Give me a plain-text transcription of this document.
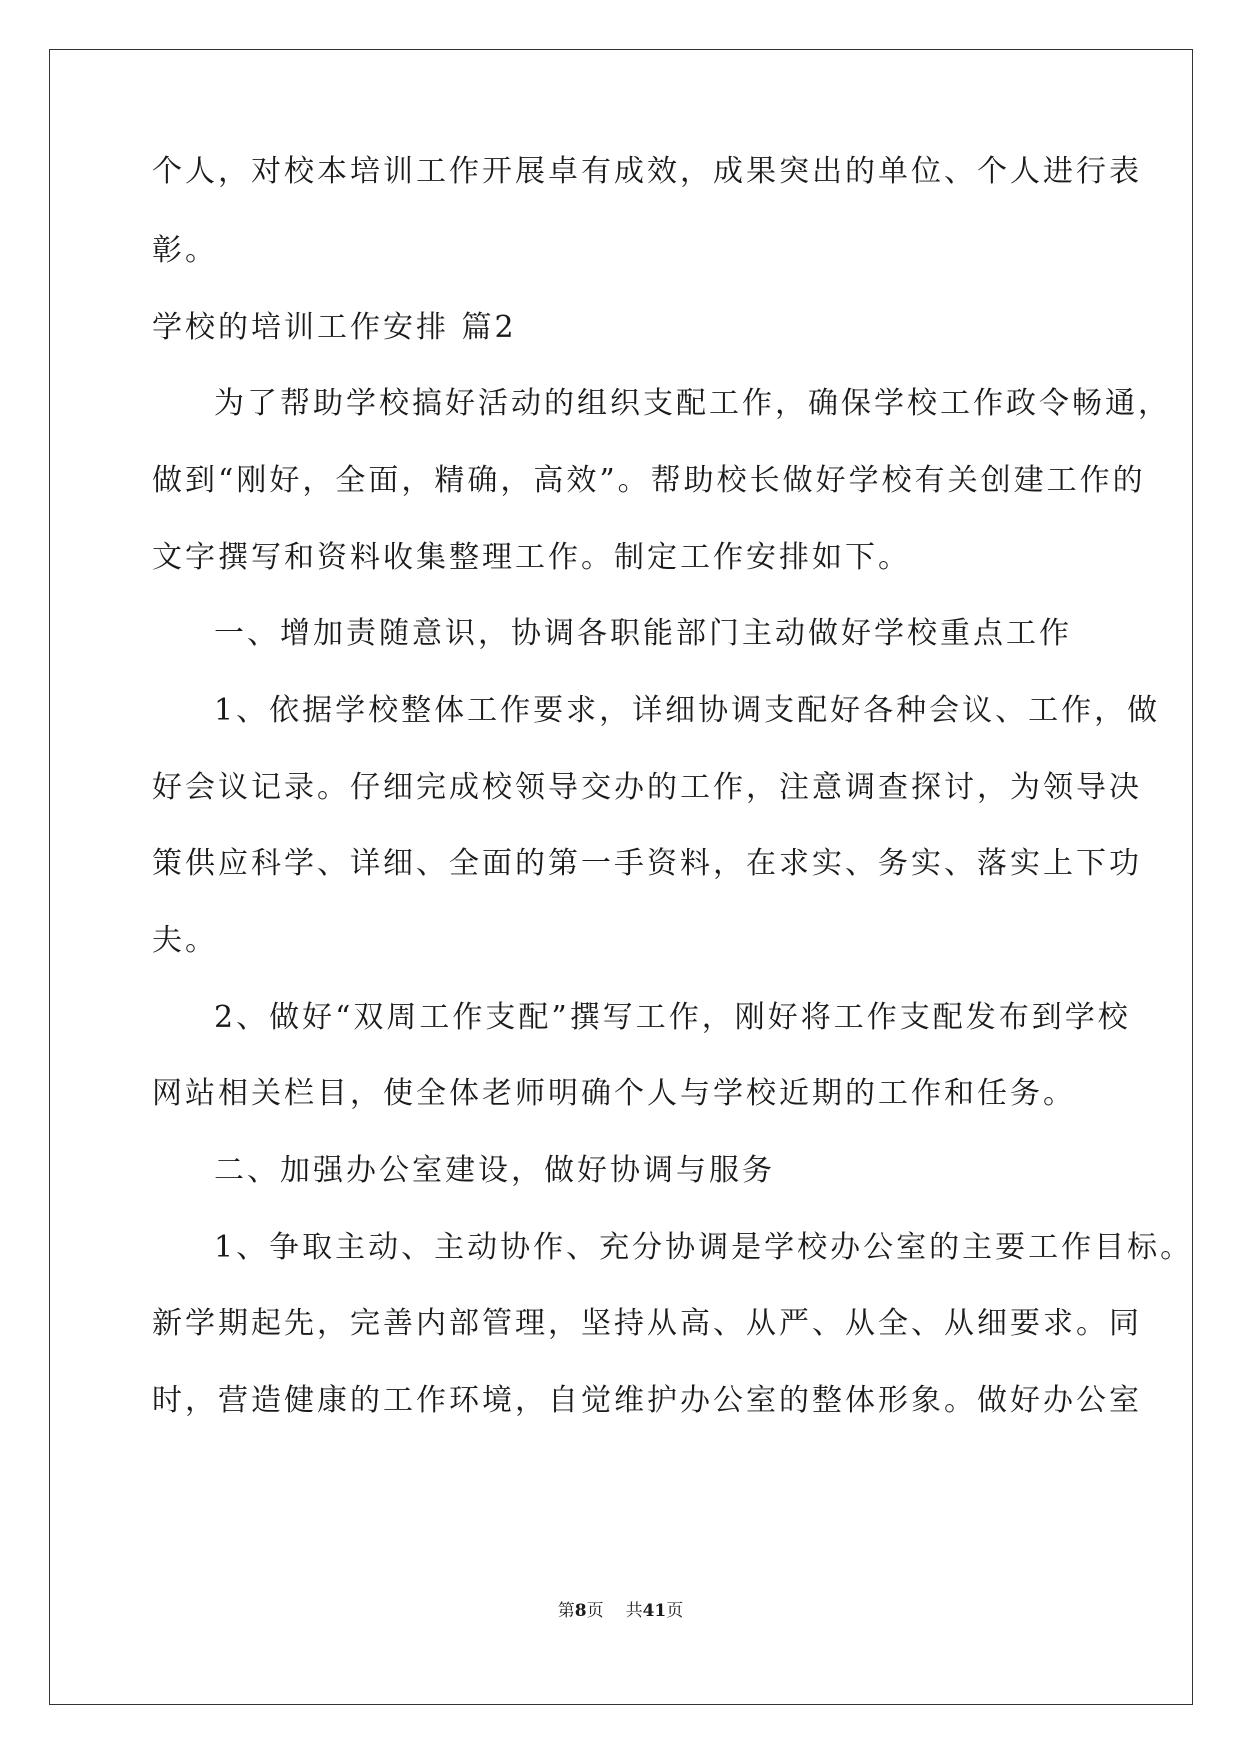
个人，对校本培训工作开展卓有成效，成果突出的单位、个人进行表
彰。
学校的培训工作安排 篇2
为了帮助学校搞好活动的组织支配工作，确保学校工作政令畅通，
做到“刚好，全面，精确，高效”。帮助校长做好学校有关创建工作的
文字撰写和资料收集整理工作。制定工作安排如下。
一、增加责随意识，协调各职能部门主动做好学校重点工作
1、依据学校整体工作要求，详细协调支配好各种会议、工作，做
好会议记录。仔细完成校领导交办的工作，注意调查探讨，为领导决
策供应科学、详细、全面的第一手资料，在求实、务实、落实上下功
夫。
2、做好“双周工作支配”撰写工作，刚好将工作支配发布到学校
网站相关栏目，使全体老师明确个人与学校近期的工作和任务。
二、加强办公室建设，做好协调与服务
1、争取主动、主动协作、充分协调是学校办公室的主要工作目标。
新学期起先，完善内部管理，坚持从高、从严、从全、从细要求。同
时，营造健康的工作环境，自觉维护办公室的整体形象。做好办公室
第8页 共41页
